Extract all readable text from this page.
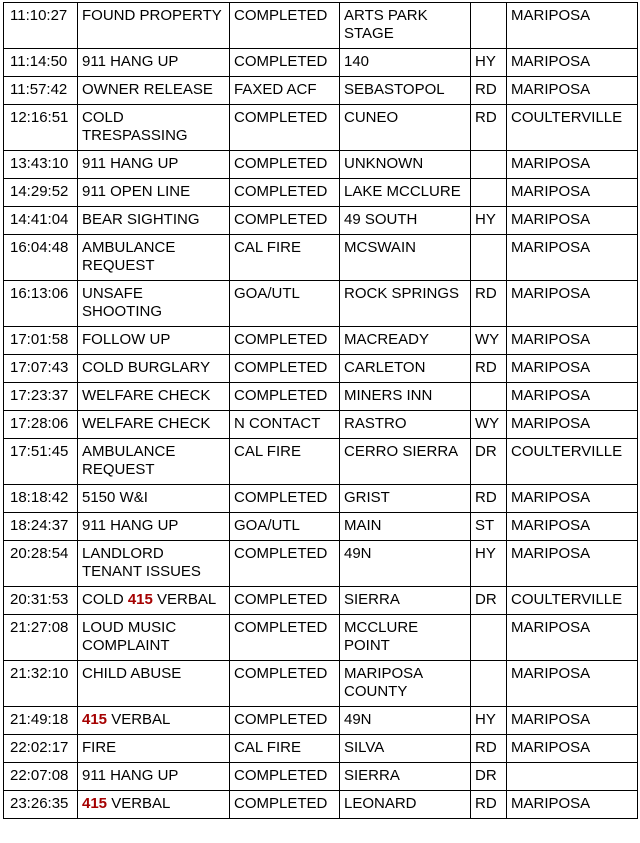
11:10:27	FOUND PROPERTY	COMPLETED	ARTS PARK STAGE		MARIPOSA
11:14:50	911 HANG UP	COMPLETED	140	HY	MARIPOSA
11:57:42	OWNER RELEASE	FAXED ACF	SEBASTOPOL	RD	MARIPOSA
12:16:51	COLD TRESPASSING	COMPLETED	CUNEO	RD	COULTERVILLE
13:43:10	911 HANG UP	COMPLETED	UNKNOWN		MARIPOSA
14:29:52	911 OPEN LINE	COMPLETED	LAKE MCCLURE		MARIPOSA
14:41:04	BEAR SIGHTING	COMPLETED	49 SOUTH	HY	MARIPOSA
16:04:48	AMBULANCE REQUEST	CAL FIRE	MCSWAIN		MARIPOSA
16:13:06	UNSAFE SHOOTING	GOA/UTL	ROCK SPRINGS	RD	MARIPOSA
17:01:58	FOLLOW UP	COMPLETED	MACREADY	WY	MARIPOSA
17:07:43	COLD BURGLARY	COMPLETED	CARLETON	RD	MARIPOSA
17:23:37	WELFARE CHECK	COMPLETED	MINERS INN		MARIPOSA
17:28:06	WELFARE CHECK	N CONTACT	RASTRO	WY	MARIPOSA
17:51:45	AMBULANCE REQUEST	CAL FIRE	CERRO SIERRA	DR	COULTERVILLE
18:18:42	5150 W&I	COMPLETED	GRIST	RD	MARIPOSA
18:24:37	911 HANG UP	GOA/UTL	MAIN	ST	MARIPOSA
20:28:54	LANDLORD TENANT ISSUES	COMPLETED	49N	HY	MARIPOSA
20:31:53	COLD 415 VERBAL	COMPLETED	SIERRA	DR	COULTERVILLE
21:27:08	LOUD MUSIC COMPLAINT	COMPLETED	MCCLURE POINT		MARIPOSA
21:32:10	CHILD ABUSE	COMPLETED	MARIPOSA COUNTY		MARIPOSA
21:49:18	415 VERBAL	COMPLETED	49N	HY	MARIPOSA
22:02:17	FIRE	CAL FIRE	SILVA	RD	MARIPOSA
22:07:08	911 HANG UP	COMPLETED	SIERRA	DR	
23:26:35	415 VERBAL	COMPLETED	LEONARD	RD	MARIPOSA
